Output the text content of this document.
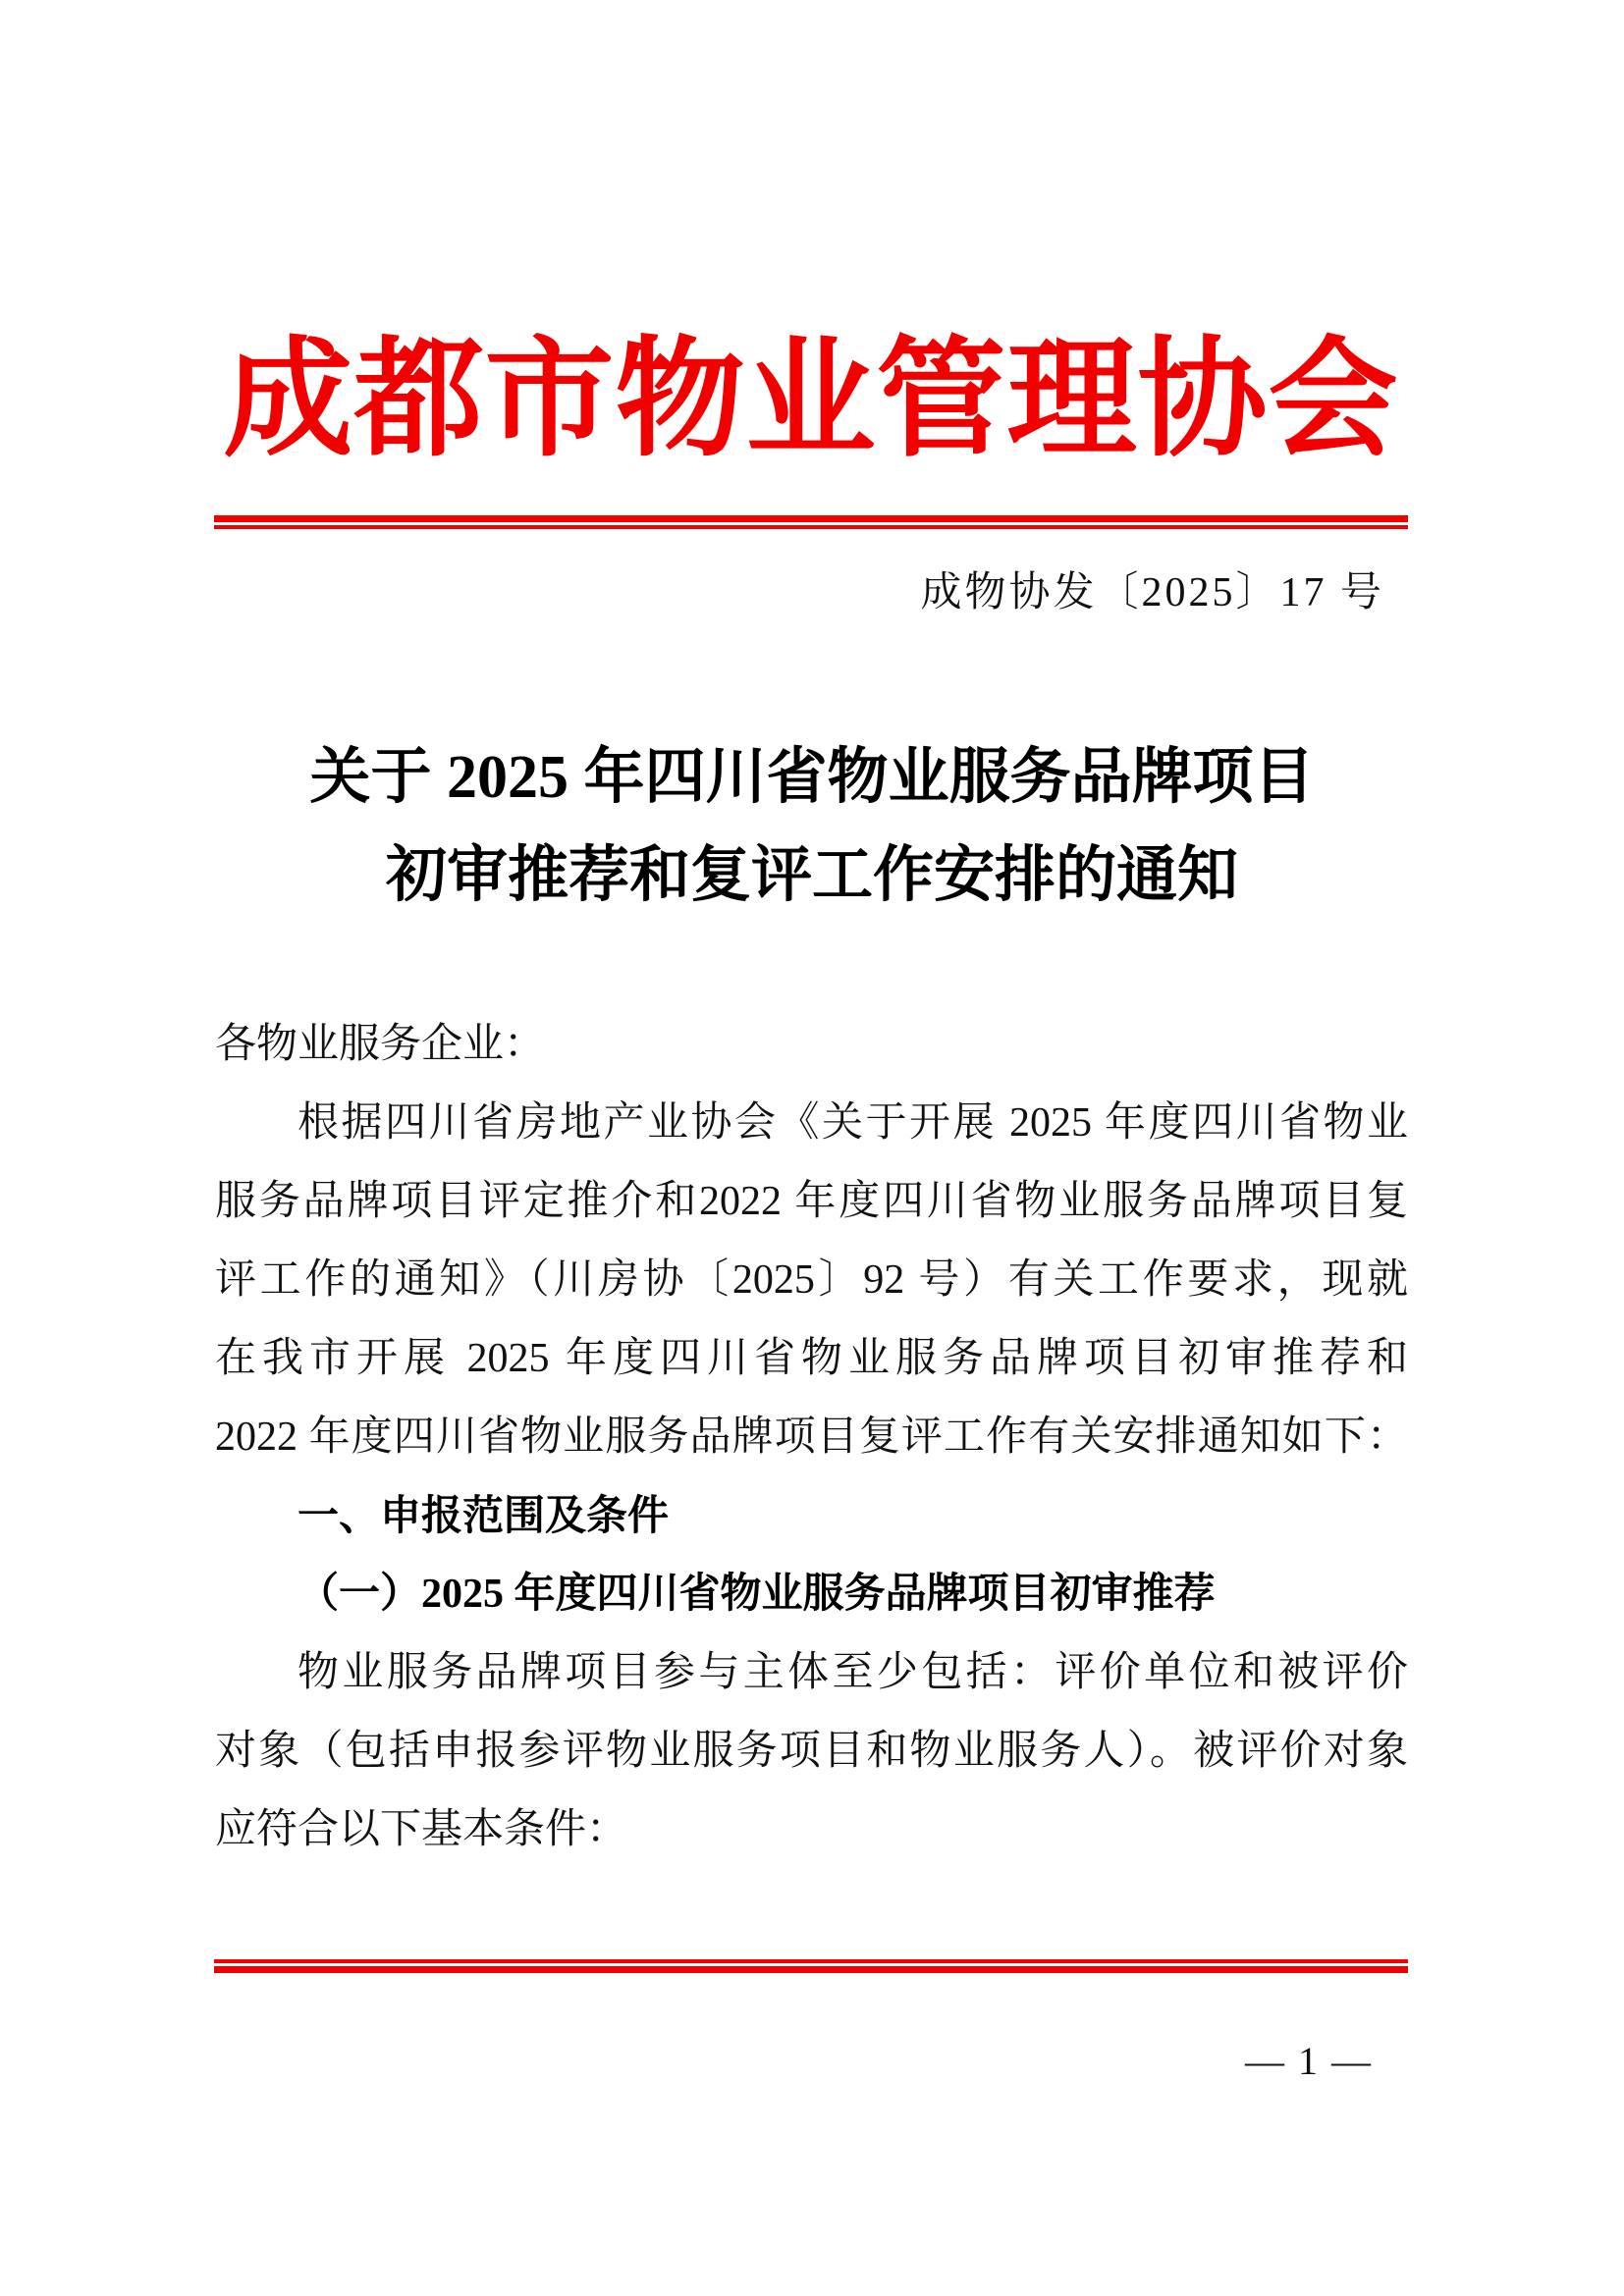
成都市物业管理协会
成物协发〔2025〕17 号
关于 2025 年四川省物业服务品牌项目
初审推荐和复评工作安排的通知
各物业服务企业：
根据四川省房地产业协会《关于开展 2025 年度四川省物业
服务品牌项目评定推介和2022 年度四川省物业服务品牌项目复
评工作的通知》（川房协〔2025〕92 号）有关工作要求，现就
在我市开展 2025 年度四川省物业服务品牌项目初审推荐和
2022 年度四川省物业服务品牌项目复评工作有关安排通知如下：
一、申报范围及条件
（一）2025 年度四川省物业服务品牌项目初审推荐
物业服务品牌项目参与主体至少包括：评价单位和被评价
对象（包括申报参评物业服务项目和物业服务人）。被评价对象
应符合以下基本条件：
— 1 —
